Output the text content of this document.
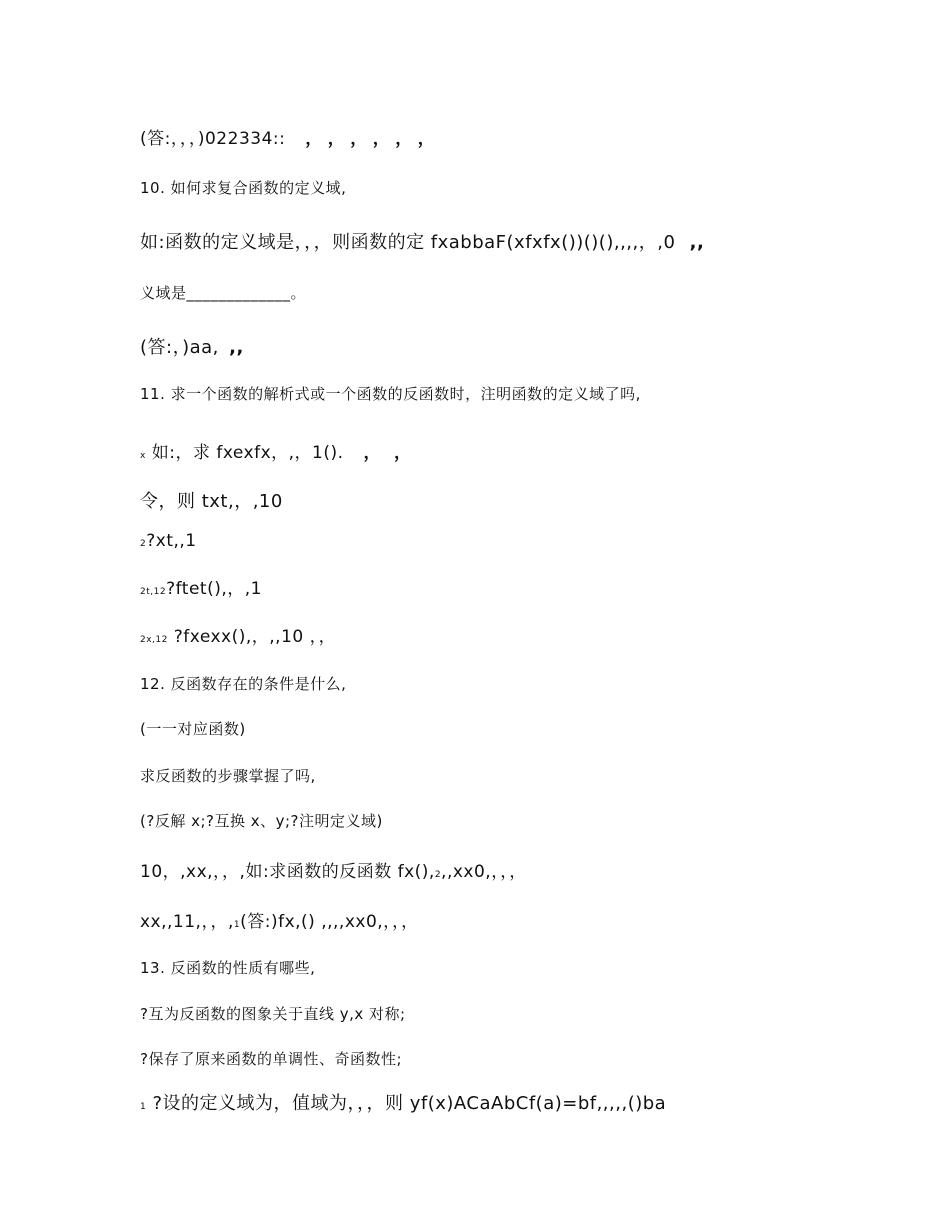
(答:，，，)022334:: ，，，，，，
10. 如何求复合函数的定义域,
如:函数的定义域是，，，则函数的定 fxabbaF(xfxfx())()(),,,,，,0 ,,
义域是_____________。
(答:，)aa, ,,
11. 求一个函数的解析式或一个函数的反函数时，注明函数的定义域了吗,
x 如:，求 fxexfx，,，1(). ，，
令，则 txt,，,10
2?xt,,1
2t,12?ftet(),，,1
2x,12 ?fxexx(),，,,10 ，，
12. 反函数存在的条件是什么,
(一一对应函数)
求反函数的步骤掌握了吗,
(?反解 x;?互换 x、y;?注明定义域)
10，,xx,，，,如:求函数的反函数 fx(),2,,xx0,，，，
xx,,11,，，,1(答:)fx,() ,,,,xx0,，，，
13. 反函数的性质有哪些,
?互为反函数的图象关于直线 y,x 对称;
?保存了原来函数的单调性、奇函数性;
1 ?设的定义域为，值域为，，，则 yf(x)ACaAbCf(a)=bf,,,,,()ba
